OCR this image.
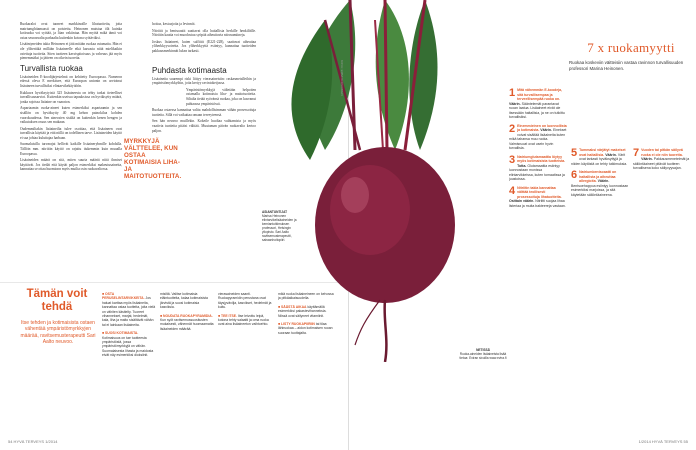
Ruokaralot ovat tuoneet markkinoille lihatuotteita, joita matriumghitamaasti on poistettu. Heinonen muistaa ölä kuinka kotiruoka voi syötää, ja liian vakiintua. Hän myötä mikä tämä voi ostaa seuraavalta parhaalta kuitenkin kotona syötäväksi.

Lisääntyneiden takia Heinonen ei jätä mitään ruokaa ostamatta. Hän ei ole ylihertäkä millään lisäaineelle eikä karsasta niitä mielikaikin ostettuja tuotteita. Siten tuotteen kasvispitoisuus ja vahvuus jää myös pienemmäksi ja jätteen on oikein tuoreita.

Turvallista ruokaa

Lisäaineiden E-koodijärjestelmä on kehitetty Euroopassa. Numeron edessä oleva E merkitsee, että Euroopan unionin on arvioinut lisäaineen turvallisiksi elintarvikekäyttöön.

Kukkuva hyväksytyistä 325 lisäaineesta on tehty tarkat tieteelliset turvallisuusarviot. Kuitenkin useissa tapauksissa on hyväksytty määrä, jonka rajoissa lisäaine on vaaraton.

Aspartaamin ruoka-aineet kuten esimerkiksi aspartaamin ja sen sisällön on hyväksytty 40 mg kehon painokiloa kohden vuorokaudessa. Sen aineosien sisältä on kuitenkin kenen hengen ja vaikutuksen osuus sen mukaan.

Oudemmiltakin lisäaineilta tulee osoittaa, että lisäaineen ovat turvallisia käyttää ja että niillä on todellinen tarve. Lisäaineiden käyttö ei saa johtaa kuluttajaa harhaan.

Suomalaisilla turvarajat hellivät kaikille lisäaineryhmille kohdalla. Tällöin mm. nitriitin käyttö on rajattu tiukemmin kuin muualla Euroopassa.

Lisäaineiden määrä on sitä, miten suuria määriä niitä ihmiset käyttävät. Jos tiedät että käytät paljon esimerkiksi makeutusaineita, kannattaa se ottaa huomioon myös muilta osin ruokavaliossa.

MYRKKYJÄ VÄLTTELEE, KUN OSTAA KOTIMAISIA LIHA- JA MAITOTUOTTEITA.

hoitoa, kestoajoita ja levinnöi.

Nitriitit ja bentsoaatit saattavat olla haitallisia herkille henkilöille. Nitriitin kautta voi muodostua syöpää aiheuttavia nitrosamiineja.

Joskus lisäaineet, kuten sulfiitit (E221-228), saattavat aiheuttaa yliherkkyysoireita. Jos yliherkkyyttä esiintyy, kannattaa tuotteiden pakkausmerkinnät lukea tarkasti.

Puhdasta kotimaasta

Lisäaineita suurempi riski liittyy vierasaineisiin: raskasmetalleihin ja ympäristömyrkkyihin, joita kertyy ravintoketjussa.

Ympäristömyrkkyjä vältetään helpoiten ostamalla kotimaisia liha- ja maitotuotteita. Siltalta tietää syövänsä ruokaa, joka on kasvanut puhtaassa ympäristössä.

Ruokaa ostaessa kannattaa valita mahdollisimman vähän prosessoituja tuotteita. Sillä voi vaikuttaa omaan terveyteensä.

Sen hän neuvoo muillekin. Kokeile huoltaa vaihtamista ja myös vaativia tuotteita pitäisi välttää. Muutaman päivän ruokavalio kertoo paljon.

ASIANTUNTIJAT
Marisa Heinonen elintarvikelisäaineiden ja kemiantutkimuksen professori, Helsingin yliopisto. Sari Aalto ravitsemusterapeutti, sairaanhoitopiiri.
Tämän voit tehdä
Itse tehden ja kotimaisista ostaen vähentää ympäristömyrkkyjen määrää, ravitsemusterapeutti Sari Aalto neuvoo.

■ OSTA PERUSELINTARVIKKEITA. Jos haluat karttaa myös lisäaineita, kannattaa ostaa tuotteita, joita vielä on vähiten käsitelty. Tuoreet vihannekset, marjat, hedelmät, kala, liha ja maito sisältävät vähän tai ei lainkaan lisäaineita.

■ SUOSI KOTIMAISTA. Kotimaisuus on tae tuotteesta ympäristöstä, jossa ympäristömyrkkyjä on vähän. Suomalaisesta lihasta ja maidosta eivät näy esimerkiksi dioksiinit.

misiltä. Valitse kotimaisia eläintuotteita, kalaa kotimaisista järvistä ja suosi kotimaisia kasviksia.

■ NOUDATA RUOKAPYRAMIDIA. Kun syöt ravitsemussuositusten mukaisesti, vähennät huomaamatta lisäaineiden määrää.

vierasaineiden saanti. Ruokapyramidin perustana ovat täysjyvävilja, kasvikset, hedelmät ja kuitu.

■ TEE ITSE. Itse leivottu leipä, kotona tehty salaatti ja oma ruoka ovat aina lisäaineeton vaihtoehto.

mikä ruoka lisäaineineen on kehossa ja pitkäaikaisuudella.

■ SÄÄSTÄ AIKAA käyttämällä esimerkiksi pakastevihanneksia. Niissä ovat säilyneet vitamiinit.

■ LISTY RUOKAPIIRIIN tai tilaa lähiruokaa – aidon kotimaisen ruoan suoraan tuottajalta.

54 HYVÄ TERVEYS 1/2014
7 x ruokamyytti
Ruokaa koskeviin väitteisiin vastaa ravinnon turvallisuuden professori Marina Heinonen.
1 Mitä vähemmän E-koodeja, sitä turvallisempaa ja terveellisempää ruoka on. Väärin. Sääntelemät parantavat ruoan laatua. Lisäaineet eivät ole itsessään haitallisia, ja ne on tutkittu turvallisiksi.
2 Einemmieinen on luonnollista ja kotimaista. Väärin. Einekset voivat sisältää lisäaineita kuten mikä tahansa muu ruoka. Valmisruoat ovat usein hyvin turvallisia.
3 Natriumglutamaattia löytyy myös kotimaisista tuotteista. Totta. Glutamaattia esiintyy luonnostaan monissa elintarvikkeissa, kuten tomaatissa ja juustoissa.
4 Nitriitin takia kannattaa välttää teollisesti prosessoituja lihatuotteita. Osittain väärin. Nitriitti suojaa lihaa listeriaa ja muita bakteereja vastaan.
5 Tummaksi värjätyt makeiset ovat haitallisia. Väärin. Värit ovat tarkasti hyväksyttyjä ja niiden käytöstä on tehty tutkimuksia.
6 Natriumbentsoaatti on haitallista ja aiheuttaa allergioita. Väärin. Bentsoehappoa esiintyy luonnostaan esimerkiksi marjoissa, ja sitä käytetään säilöntäaineena.
7 Vuoden tai pitkän säilyvä ruoka ei ole niin tuoretta. Väärin. Pakkausmenetelmät ja säilöntäaineet pitävät tuotteen turvallisena koko säilyvyysajan.
NETISSÄ
Ruoka-aineiden lisäaineista lisää tietoa: Eviran sivuilla www.evira.fi
1/2014 HYVÄ TERVEYS 55
KUVA: EMMI KORHONEN
